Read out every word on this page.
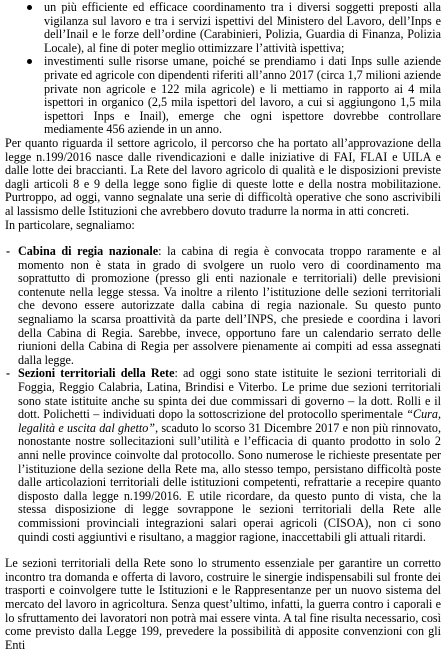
un più efficiente ed efficace coordinamento tra i diversi soggetti preposti alla vigilanza sul lavoro e tra i servizi ispettivi del Ministero del Lavoro, dell’Inps e dell’Inail e le forze dell’ordine (Carabinieri, Polizia, Guardia di Finanza, Polizia Locale), al fine di poter meglio ottimizzare l’attività ispettiva;
investimenti sulle risorse umane, poiché se prendiamo i dati Inps sulle aziende private ed agricole con dipendenti riferiti all’anno 2017 (circa 1,7 milioni aziende private non agricole e 122 mila agricole) e li mettiamo in rapporto ai 4 mila ispettori in organico (2,5 mila ispettori del lavoro, a cui si aggiungono 1,5 mila ispettori Inps e Inail), emerge che ogni ispettore dovrebbe controllare mediamente 456 aziende in un anno.

Per quanto riguarda il settore agricolo, il percorso che ha portato all’approvazione della legge n.199/2016 nasce dalle rivendicazioni e dalle iniziative di FAI, FLAI e UILA e dalle lotte dei braccianti. La Rete del lavoro agricolo di qualità e le disposizioni previste dagli articoli 8 e 9 della legge sono figlie di queste lotte e della nostra mobilitazione. Purtroppo, ad oggi, vanno segnalate una serie di difficoltà operative che sono ascrivibili al lassismo delle Istituzioni che avrebbero dovuto tradurre la norma in atti concreti.

In particolare, segnaliamo:

- Cabina di regia nazionale: la cabina di regia è convocata troppo raramente e al momento non è stata in grado di svolgere un ruolo vero di coordinamento ma soprattutto di promozione (presso gli enti nazionale e territoriali) delle previsioni contenute nella legge stessa. Va inoltre a rilento l’istituzione delle sezioni territoriali che devono essere autorizzate dalla cabina di regia nazionale. Su questo punto segnaliamo la scarsa proattività da parte dell’INPS, che presiede e coordina i lavori della Cabina di Regia. Sarebbe, invece, opportuno fare un calendario serrato delle riunioni della Cabina di Regia per assolvere pienamente ai compiti ad essa assegnati dalla legge.
- Sezioni territoriali della Rete: ad oggi sono state istituite le sezioni territoriali di Foggia, Reggio Calabria, Latina, Brindisi e Viterbo. Le prime due sezioni territoriali sono state istituite anche su spinta dei due commissari di governo – la dott. Rolli e il dott. Polichetti – individuati dopo la sottoscrizione del protocollo sperimentale “Cura, legalità e uscita dal ghetto”, scaduto lo scorso 31 Dicembre 2017 e non più rinnovato, nonostante nostre sollecitazioni sull’utilità e l’efficacia di quanto prodotto in solo 2 anni nelle province coinvolte dal protocollo. Sono numerose le richieste presentate per l’istituzione della sezione della Rete ma, allo stesso tempo, persistano difficoltà poste dalle articolazioni territoriali delle istituzioni competenti, refrattarie a recepire quanto disposto dalla legge n.199/2016. E utile ricordare, da questo punto di vista, che la stessa disposizione di legge sovrappone le sezioni territoriali della Rete alle commissioni provinciali integrazioni salari operai agricoli (CISOA), non ci sono quindi costi aggiuntivi e risultano, a maggior ragione, inaccettabili gli attuali ritardi.

Le sezioni territoriali della Rete sono lo strumento essenziale per garantire un corretto incontro tra domanda e offerta di lavoro, costruire le sinergie indispensabili sul fronte dei trasporti e coinvolgere tutte le Istituzioni e le Rappresentanze per un nuovo sistema del mercato del lavoro in agricoltura. Senza quest’ultimo, infatti, la guerra contro i caporali e lo sfruttamento dei lavoratori non potrà mai essere vinta. A tal fine risulta necessario, così come previsto dalla Legge 199, prevedere la possibilità di apposite convenzioni con gli Enti
